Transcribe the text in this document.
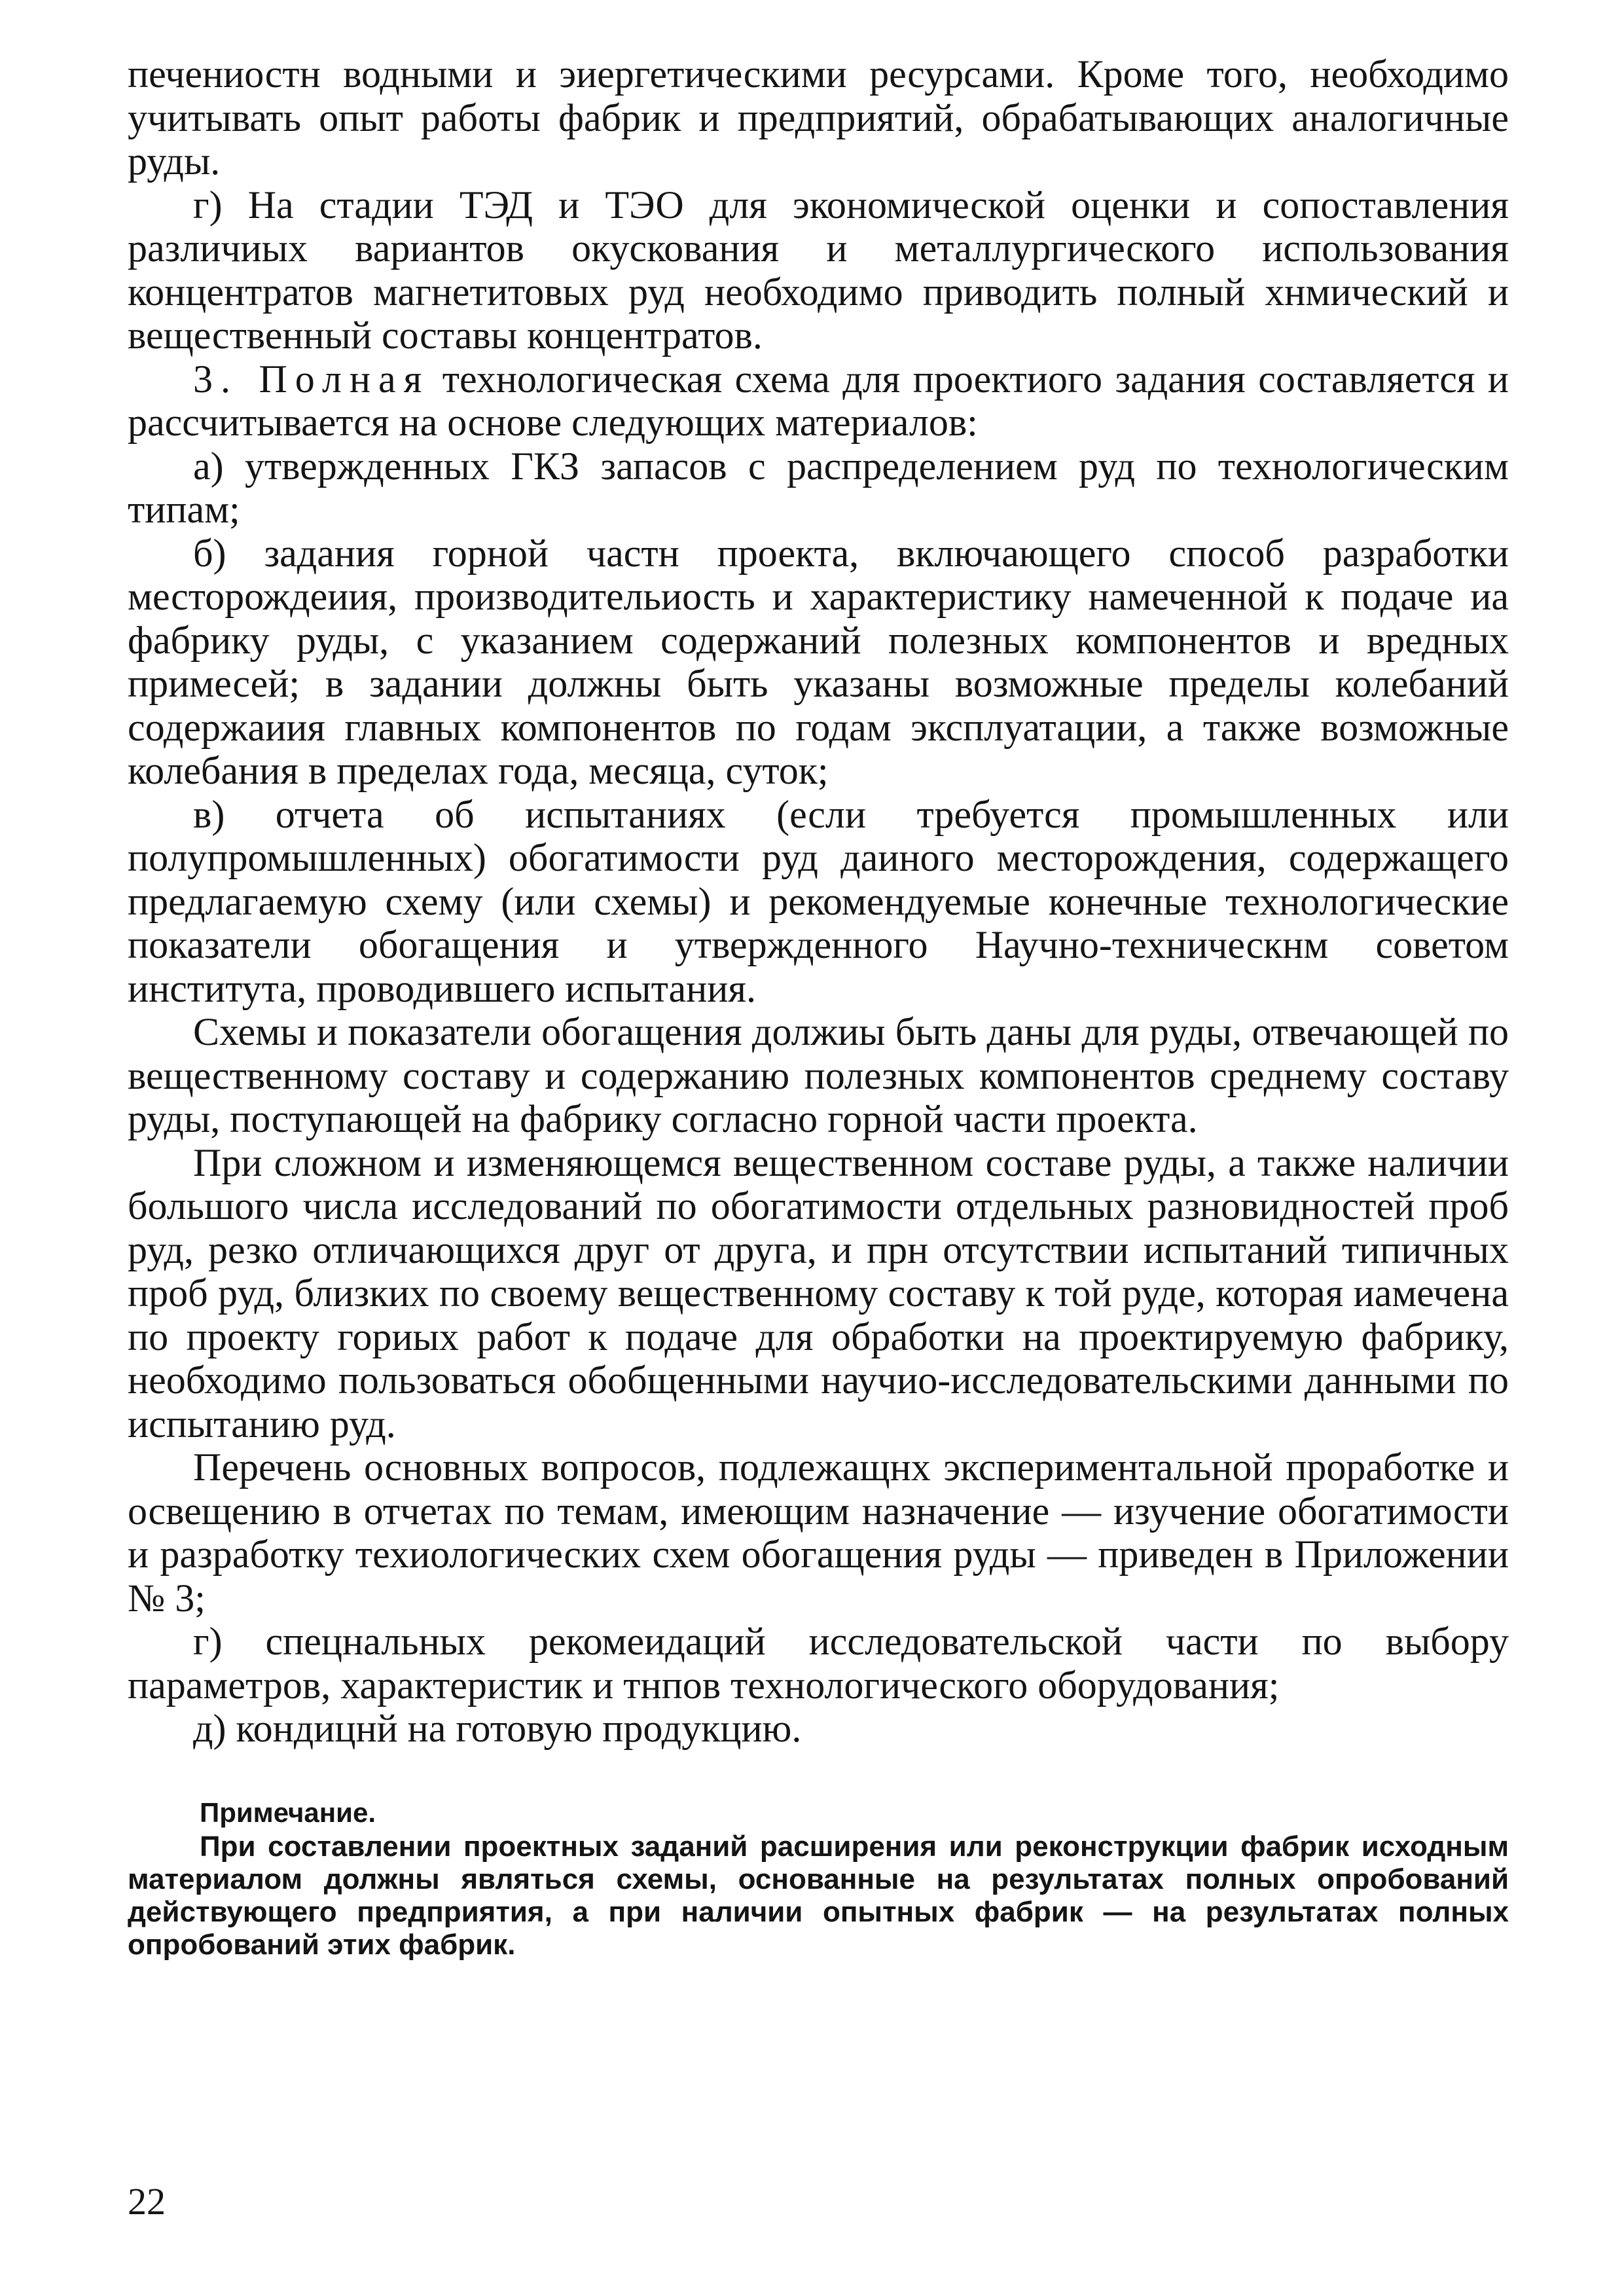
печениостн водными и эиергетическими ресурсами. Кроме того, необходимо учитывать опыт работы фабрик и предприятий, обрабатывающих аналогичные руды.

г) На стадии ТЭД и ТЭО для экономической оценки и сопоставления различиых вариантов окускования и металлургического использования концентратов магнетитовых руд необходимо приводить полный хнмический и вещественный составы концентратов.

3. Полная технологическая схема для проектиого задания составляется и рассчитывается на основе следующих материалов:

а) утвержденных ГКЗ запасов с распределением руд по технологическим типам;

б) задания горной частн проекта, включающего способ разработки месторождеиия, производительиость и характеристику намеченной к подаче иа фабрику руды, с указанием содержаний полезных компонентов и вредных примесей; в задании должны быть указаны возможные пределы колебаний содержаиия главных компонентов по годам эксплуатации, а также возможные колебания в пределах года, месяца, суток;

в) отчета об испытаниях (если требуется промышленных или полупромышленных) обогатимости руд даиного месторождения, содержащего предлагаемую схему (или схемы) и рекомендуемые конечные технологические показатели обогащения и утвержденного Научно-техническнм советом института, проводившего испытания.

Схемы и показатели обогащения должиы быть даны для руды, отвечающей по вещественному составу и содержанию полезных компонентов среднему составу руды, поступающей на фабрику согласно горной части проекта.

При сложном и изменяющемся вещественном составе руды, а также наличии большого числа исследований по обогатимости отдельных разновидностей проб руд, резко отличающихся друг от друга, и прн отсутствии испытаний типичных проб руд, близких по своему вещественному составу к той руде, которая иамечена по проекту гориых работ к подаче для обработки на проектируемую фабрику, необходимо пользоваться обобщенными научио-исследовательскими данными по испытанию руд.

Перечень основных вопросов, подлежащнх экспериментальной проработке и освещению в отчетах по темам, имеющим назначение — изучение обогатимости и разработку техиологических схем обогащения руды — приведен в Приложении № 3;

г) спецнальных рекомеидаций исследовательской части по выбору параметров, характеристик и тнпов технологического оборудования;

д) кондицнй на готовую продукцию.

Примечание.

При составлении проектных заданий расширения или реконструкции фабрик исходным материалом должны являться схемы, основанные на результатах полных опробований действующего предприятия, а при наличии опытных фабрик — на результатах полных опробований этих фабрик.

22
